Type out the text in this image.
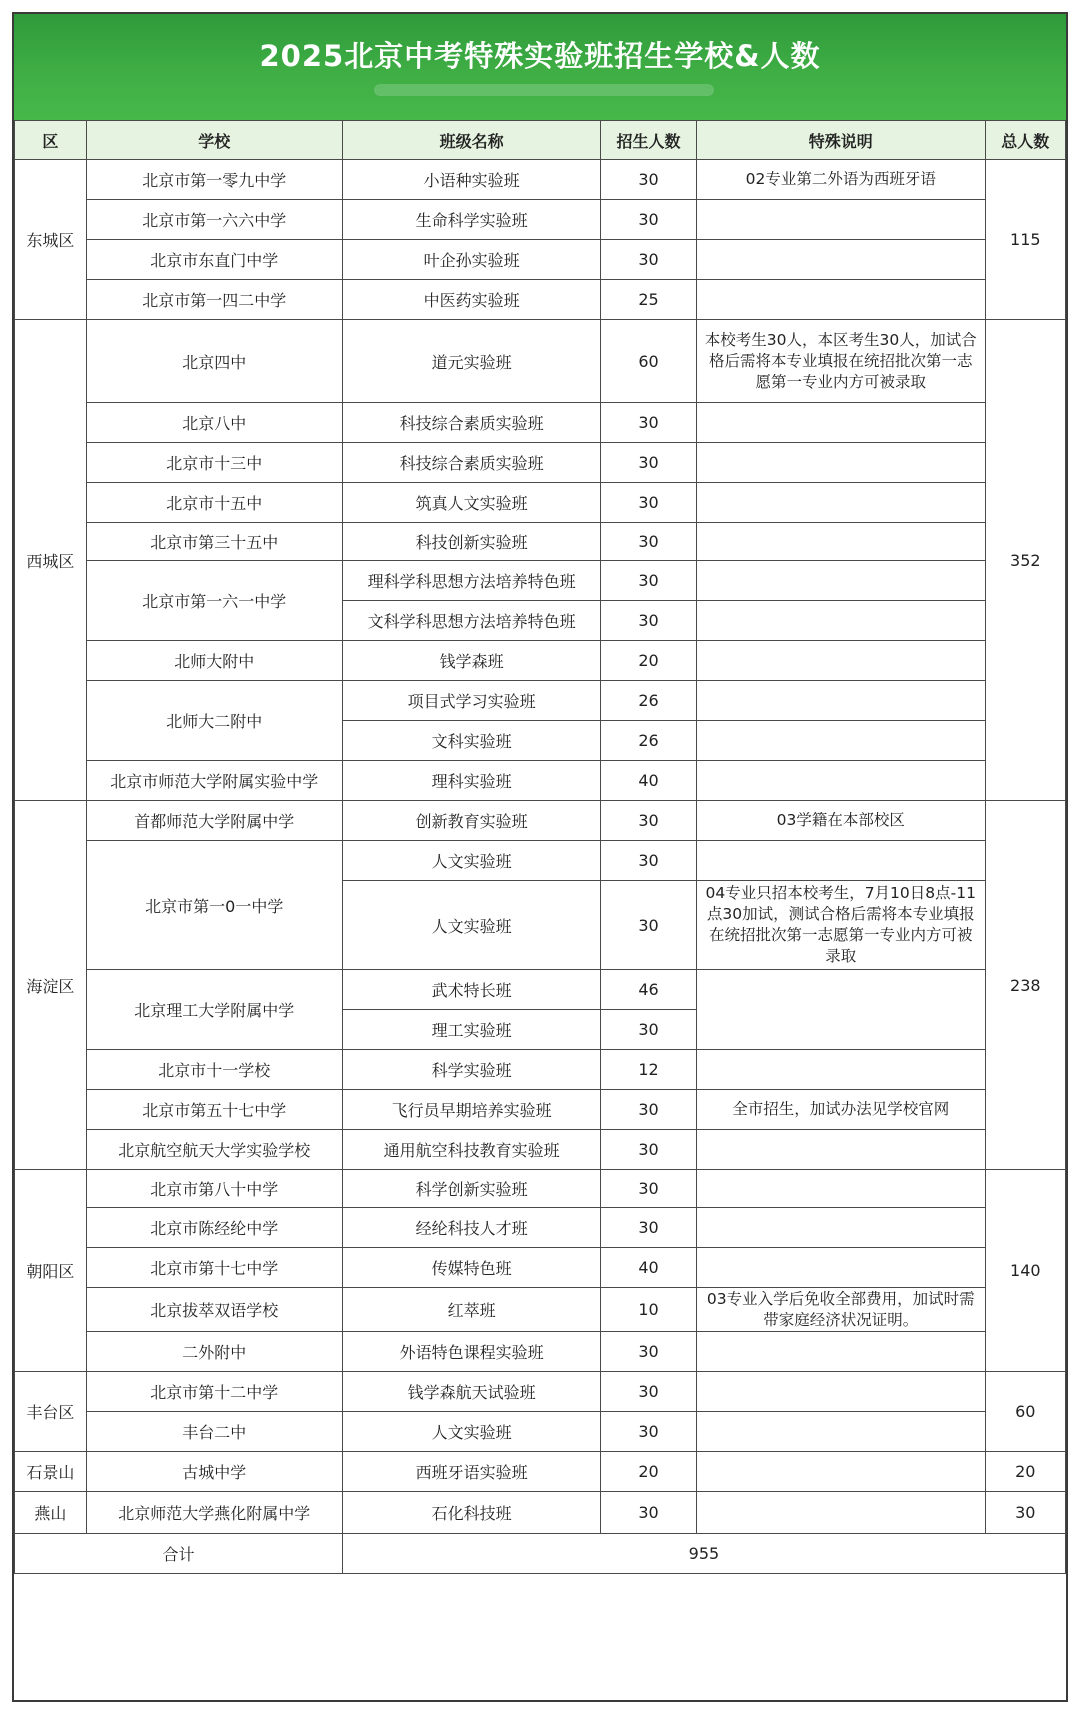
2025北京中考特殊实验班招生学校&人数
区	学校	班级名称	招生人数	特殊说明	总人数
东城区	北京市第一零九中学	小语种实验班	30	02专业第二外语为西班牙语	115
	北京市第一六六中学	生命科学实验班	30		
	北京市东直门中学	叶企孙实验班	30		
	北京市第一四二中学	中医药实验班	25		
西城区	北京四中	道元实验班	60	本校考生30人，本区考生30人，加试合格后需将本专业填报在统招批次第一志愿第一专业内方可被录取	352
	北京八中	科技综合素质实验班	30		
	北京市十三中	科技综合素质实验班	30		
	北京市十五中	筑真人文实验班	30		
	北京市第三十五中	科技创新实验班	30		
	北京市第一六一中学	理科学科思想方法培养特色班	30		
		文科学科思想方法培养特色班	30		
	北师大附中	钱学森班	20		
	北师大二附中	项目式学习实验班	26		
		文科实验班	26		
	北京市师范大学附属实验中学	理科实验班	40		
海淀区	首都师范大学附属中学	创新教育实验班	30	03学籍在本部校区	238
	北京市第一0一中学	人文实验班	30		
		人文实验班	30	04专业只招本校考生，7月10日8点-11点30加试，测试合格后需将本专业填报在统招批次第一志愿第一专业内方可被录取	
	北京理工大学附属中学	武术特长班	46		
		理工实验班	30		
	北京市十一学校	科学实验班	12		
	北京市第五十七中学	飞行员早期培养实验班	30	全市招生，加试办法见学校官网	
	北京航空航天大学实验学校	通用航空科技教育实验班	30		
朝阳区	北京市第八十中学	科学创新实验班	30		140
	北京市陈经纶中学	经纶科技人才班	30		
	北京市第十七中学	传媒特色班	40		
	北京拔萃双语学校	红萃班	10	03专业入学后免收全部费用，加试时需带家庭经济状况证明。	
	二外附中	外语特色课程实验班	30		
丰台区	北京市第十二中学	钱学森航天试验班	30		60
	丰台二中	人文实验班	30		
石景山	古城中学	西班牙语实验班	20		20
燕山	北京师范大学燕化附属中学	石化科技班	30		30
合计		955			
